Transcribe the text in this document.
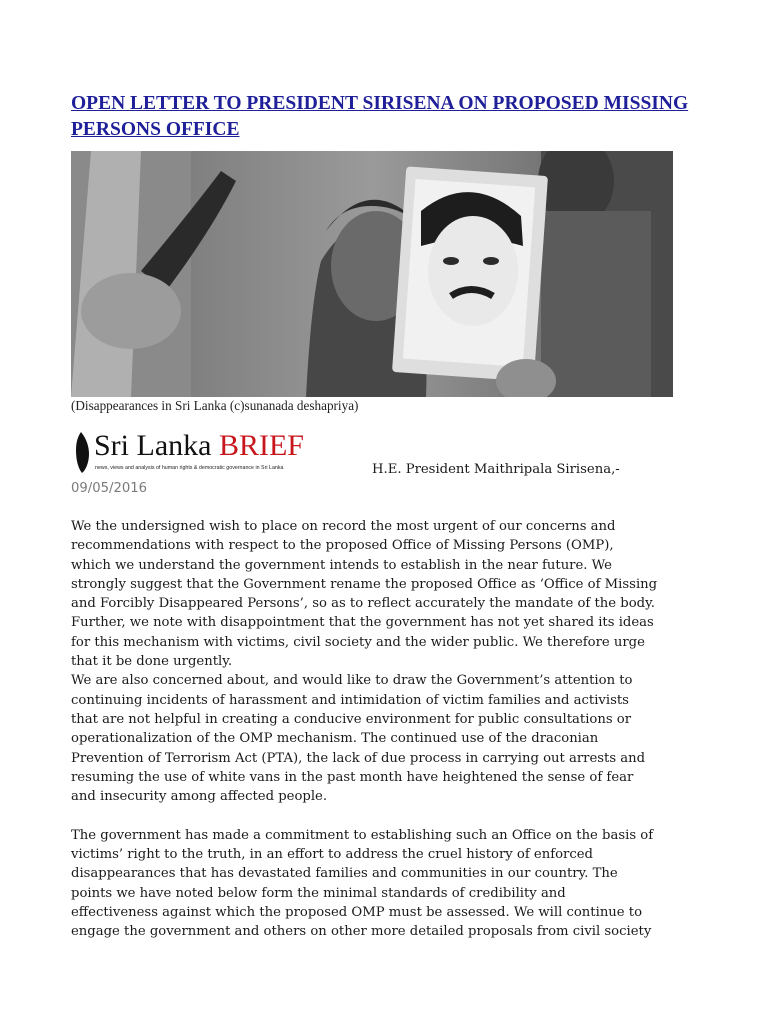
OPEN LETTER TO PRESIDENT SIRISENA ON PROPOSED MISSING PERSONS OFFICE
(Disappearances in Sri Lanka (c)sunanada deshapriya)
Sri Lanka BRIEF
news, views and analysis of human rights & democratic governance in Sri Lanka	H.E. President Maithripala Sirisena,-
09/05/2016
We the undersigned wish to place on record the most urgent of our concerns and
recommendations with respect to the proposed Office of Missing Persons (OMP),
which we understand the government intends to establish in the near future. We
strongly suggest that the Government rename the proposed Office as ‘Office of Missing
and Forcibly Disappeared Persons’, so as to reflect accurately the mandate of the body.
Further, we note with disappointment that the government has not yet shared its ideas
for this mechanism with victims, civil society and the wider public. We therefore urge
that it be done urgently.
We are also concerned about, and would like to draw the Government’s attention to
continuing incidents of harassment and intimidation of victim families and activists
that are not helpful in creating a conducive environment for public consultations or
operationalization of the OMP mechanism. The continued use of the draconian
Prevention of Terrorism Act (PTA), the lack of due process in carrying out arrests and
resuming the use of white vans in the past month have heightened the sense of fear
and insecurity among affected people.
The government has made a commitment to establishing such an Office on the basis of
victims’ right to the truth, in an effort to address the cruel history of enforced
disappearances that has devastated families and communities in our country. The
points we have noted below form the minimal standards of credibility and
effectiveness against which the proposed OMP must be assessed. We will continue to
engage the government and others on other more detailed proposals from civil society
